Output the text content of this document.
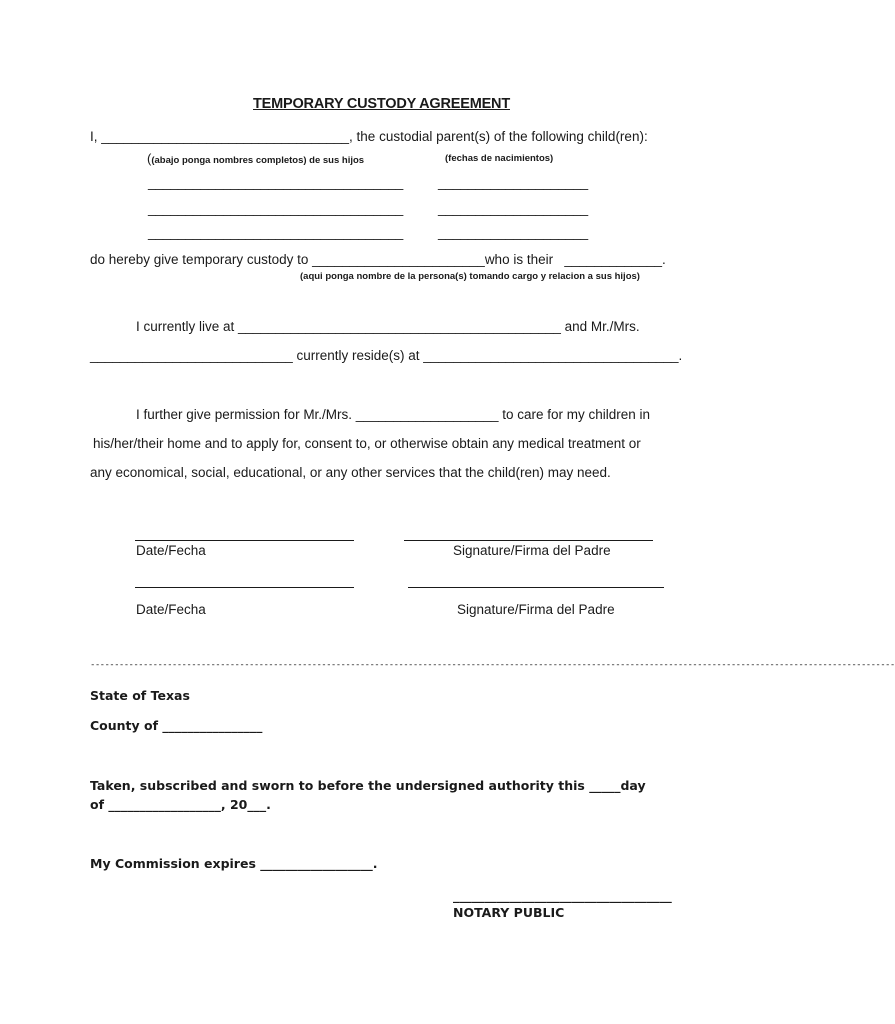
TEMPORARY CUSTODY AGREEMENT
I, _________________________________, the custodial parent(s) of the following child(ren):
((abajo ponga nombres completos) de sus hijos	(fechas de nacimientos)
__________________________________	____________________
__________________________________	____________________
__________________________________	____________________
do hereby give temporary custody to _______________________who is their   _____________.
(aqui ponga nombre de la persona(s) tomando cargo y relacion a sus hijos)
I currently live at ___________________________________________ and Mr./Mrs.
___________________________ currently reside(s) at __________________________________.
I further give permission for Mr./Mrs. ___________________ to care for my children in
his/her/their home and to apply for, consent to, or otherwise obtain any medical treatment or
any economical, social, educational, or any other services that the child(ren) may need.
Date/Fecha	Signature/Firma del Padre
Date/Fecha	Signature/Firma del Padre
-----------------------------------------------------------------------------------------------------------------------------------------------------------------------
State of Texas
County of ________________
Taken, subscribed and sworn to before the undersigned authority this _____day
of __________________, 20___.
My Commission expires __________________.
___________________________________
NOTARY PUBLIC
